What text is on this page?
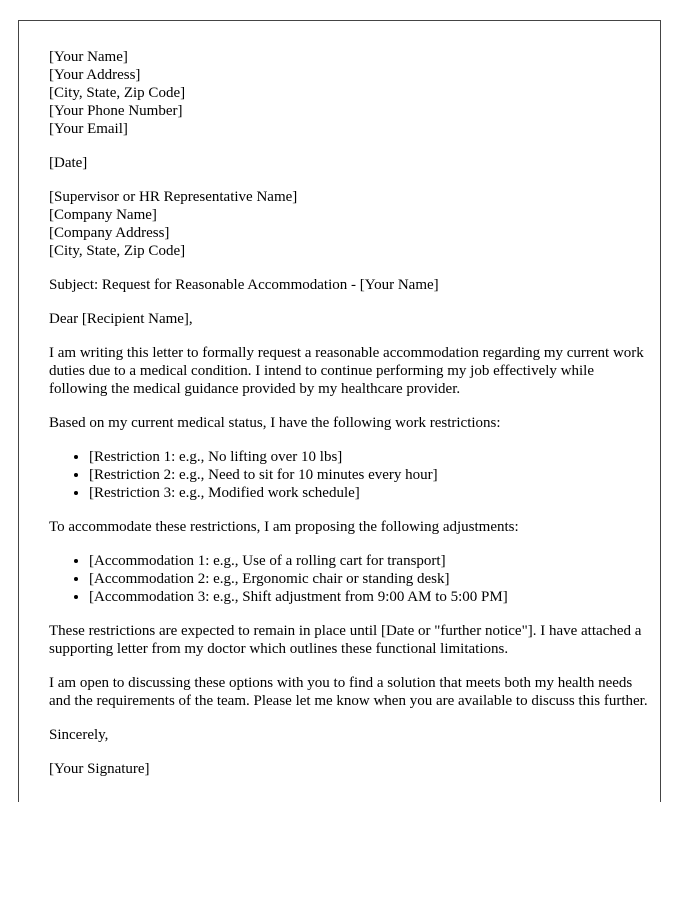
[Your Name]
[Your Address]
[City, State, Zip Code]
[Your Phone Number]
[Your Email]
[Date]
[Supervisor or HR Representative Name]
[Company Name]
[Company Address]
[City, State, Zip Code]

Subject: Request for Reasonable Accommodation - [Your Name]

Dear [Recipient Name],

I am writing this letter to formally request a reasonable accommodation regarding my current work duties due to a medical condition. I intend to continue performing my job effectively while following the medical guidance provided by my healthcare provider.

Based on my current medical status, I have the following work restrictions:

• [Restriction 1: e.g., No lifting over 10 lbs]
• [Restriction 2: e.g., Need to sit for 10 minutes every hour]
• [Restriction 3: e.g., Modified work schedule]

To accommodate these restrictions, I am proposing the following adjustments:

• [Accommodation 1: e.g., Use of a rolling cart for transport]
• [Accommodation 2: e.g., Ergonomic chair or standing desk]
• [Accommodation 3: e.g., Shift adjustment from 9:00 AM to 5:00 PM]

These restrictions are expected to remain in place until [Date or "further notice"]. I have attached a supporting letter from my doctor which outlines these functional limitations.

I am open to discussing these options with you to find a solution that meets both my health needs and the requirements of the team. Please let me know when you are available to discuss this further.

Sincerely,

[Your Signature]
